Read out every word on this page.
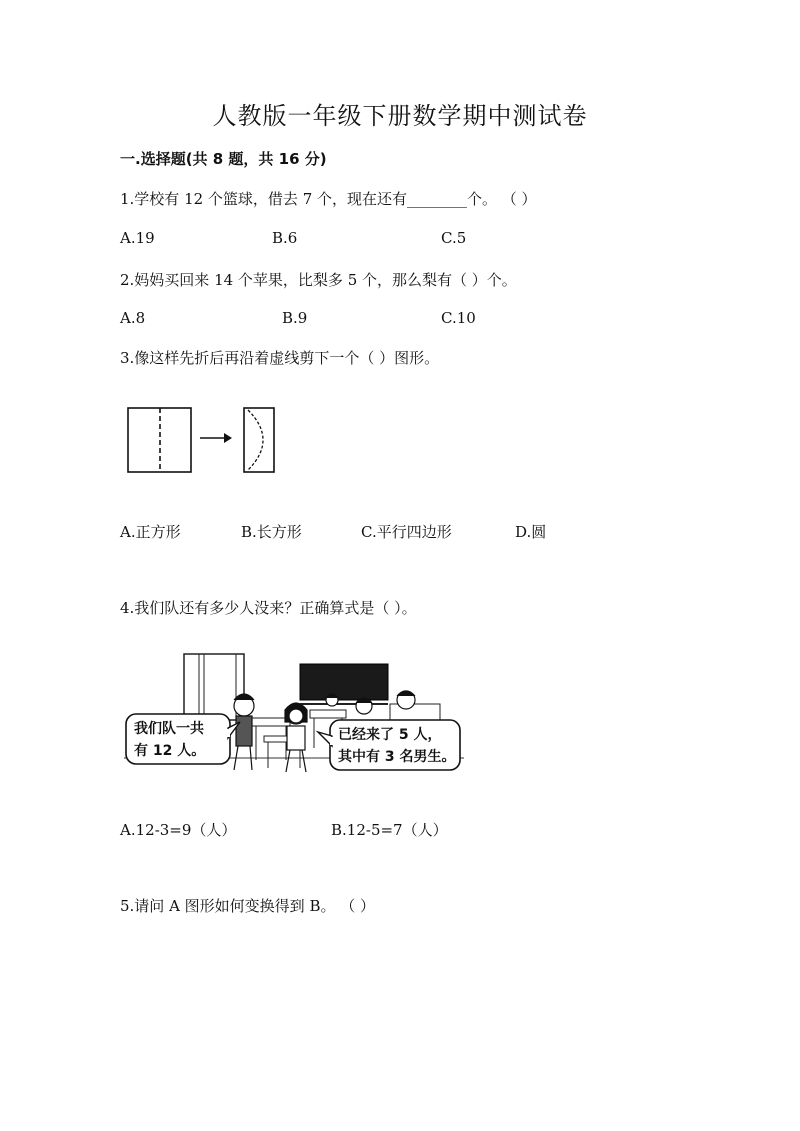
人教版一年级下册数学期中测试卷
一.选择题(共 8 题，共 16 分)
1.学校有 12 个篮球，借去 7 个，现在还有________个。 （ ）
A.19	B.6	C.5
2.妈妈买回来 14 个苹果，比梨多 5 个，那么梨有（ ）个。
A.8	B.9	C.10
3.像这样先折后再沿着虚线剪下一个（ ）图形。
A.正方形	B.长方形	C.平行四边形	D.圆
4.我们队还有多少人没来？正确算式是（ ）。
我们队一共
有 12 人。
已经来了 5 人，
其中有 3 名男生。
A.12-3=9（人）	B.12-5=7（人）
5.请问 A 图形如何变换得到 B。 （ ）
